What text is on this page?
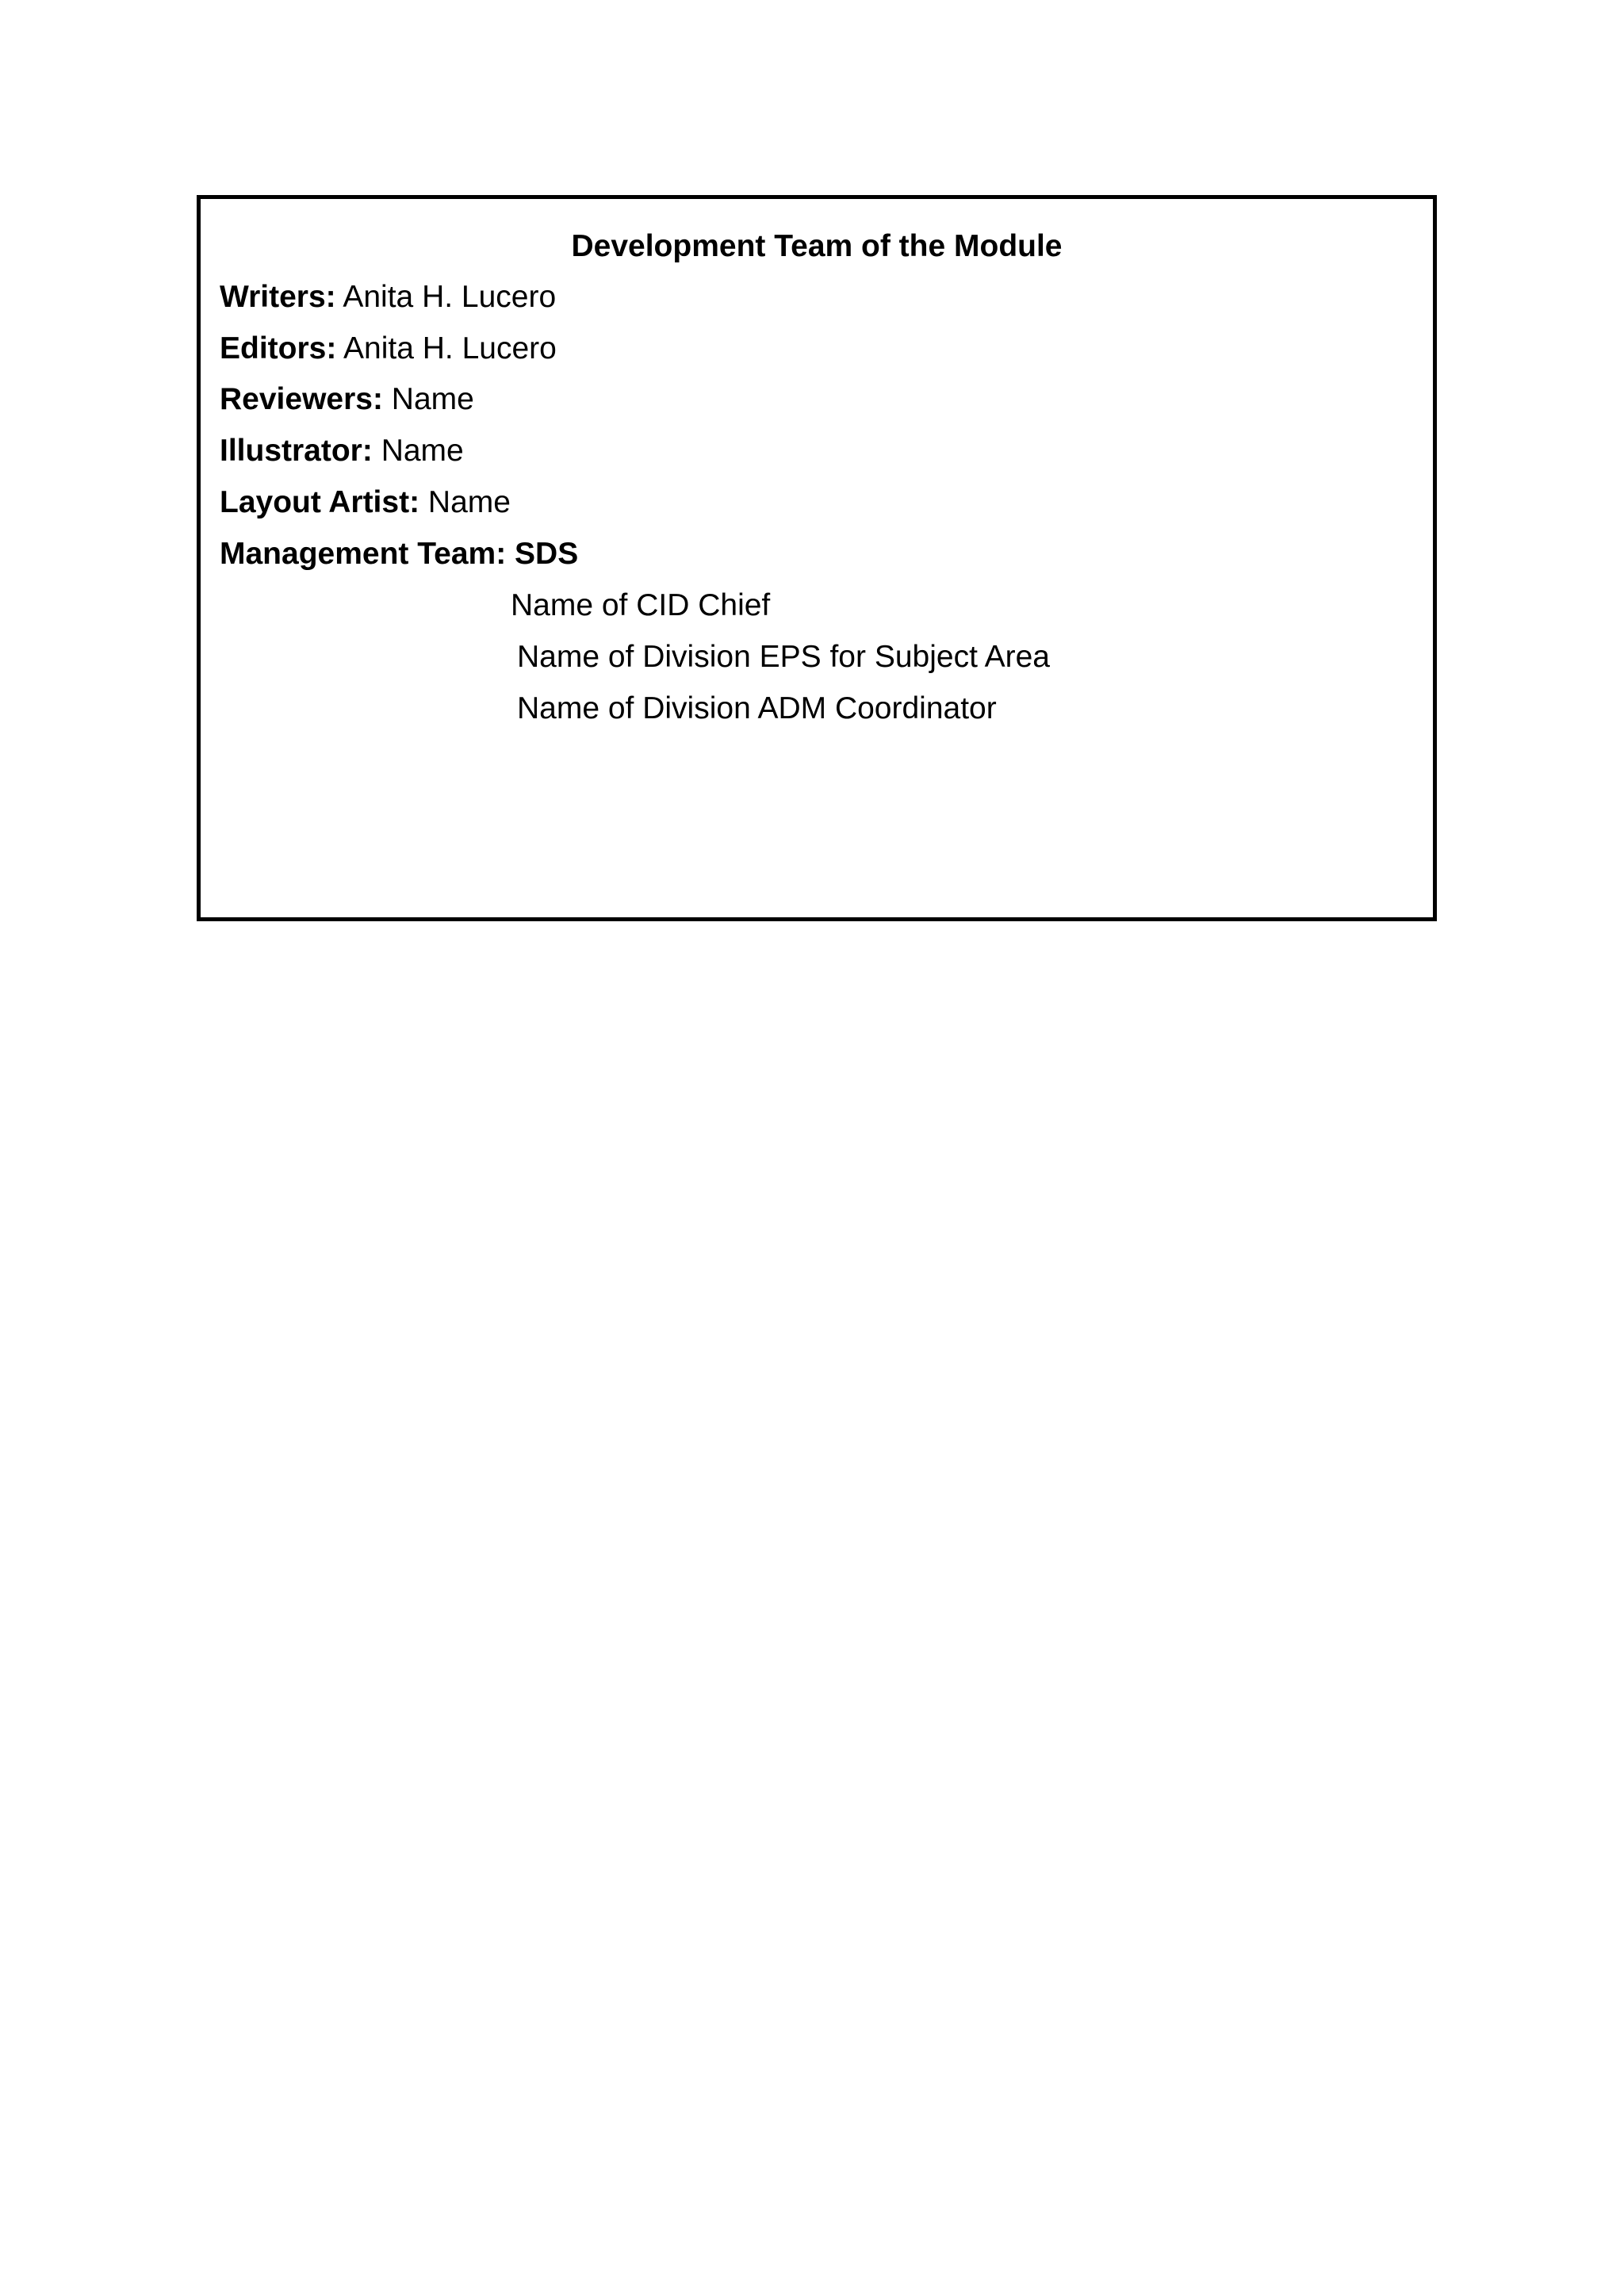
Development Team of the Module
Writers: Anita H. Lucero
Editors: Anita H. Lucero
Reviewers: Name
Illustrator: Name
Layout Artist: Name
Management Team: SDS
Name of CID Chief
Name of Division EPS for Subject Area
Name of Division ADM Coordinator
